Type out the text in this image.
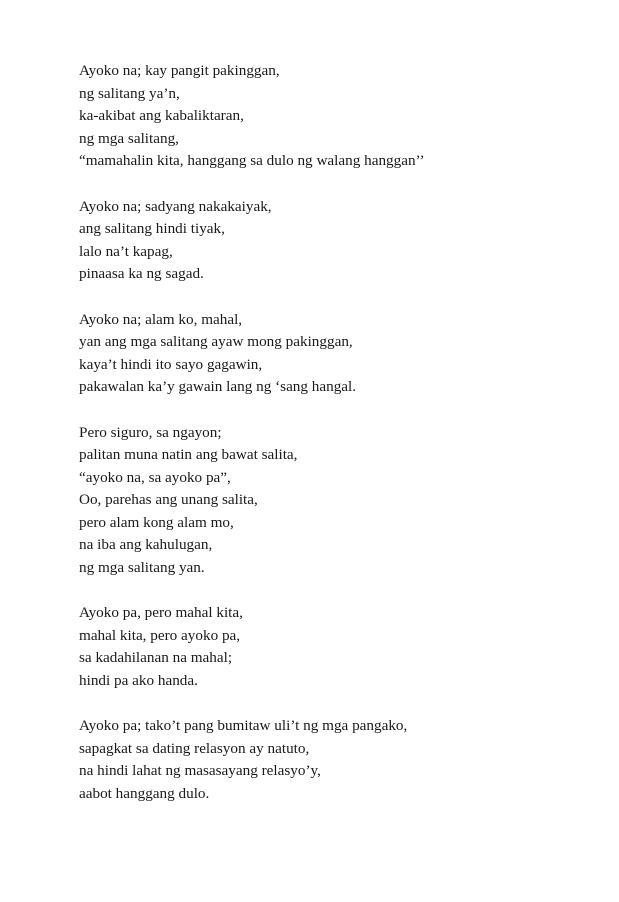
Ayoko na; kay pangit pakinggan,
ng salitang ya’n,
ka-akibat ang kabaliktaran,
ng mga salitang,
“mamahalin kita, hanggang sa dulo ng walang hanggan’’
Ayoko na; sadyang nakakaiyak,
ang salitang hindi tiyak,
lalo na’t kapag,
pinaasa ka ng sagad.
Ayoko na; alam ko, mahal,
yan ang mga salitang ayaw mong pakinggan,
kaya’t hindi ito sayo gagawin,
pakawalan ka’y gawain lang ng ‘sang hangal.
Pero siguro, sa ngayon;
palitan muna natin ang bawat salita,
“ayoko na, sa ayoko pa”,
Oo, parehas ang unang salita,
pero alam kong alam mo,
na iba ang kahulugan,
ng mga salitang yan.
Ayoko pa, pero mahal kita,
mahal kita, pero ayoko pa,
sa kadahilanan na mahal;
hindi pa ako handa.
Ayoko pa; tako’t pang bumitaw uli’t ng mga pangako,
sapagkat sa dating relasyon ay natuto,
na hindi lahat ng masasayang relasyo’y,
aabot hanggang dulo.
